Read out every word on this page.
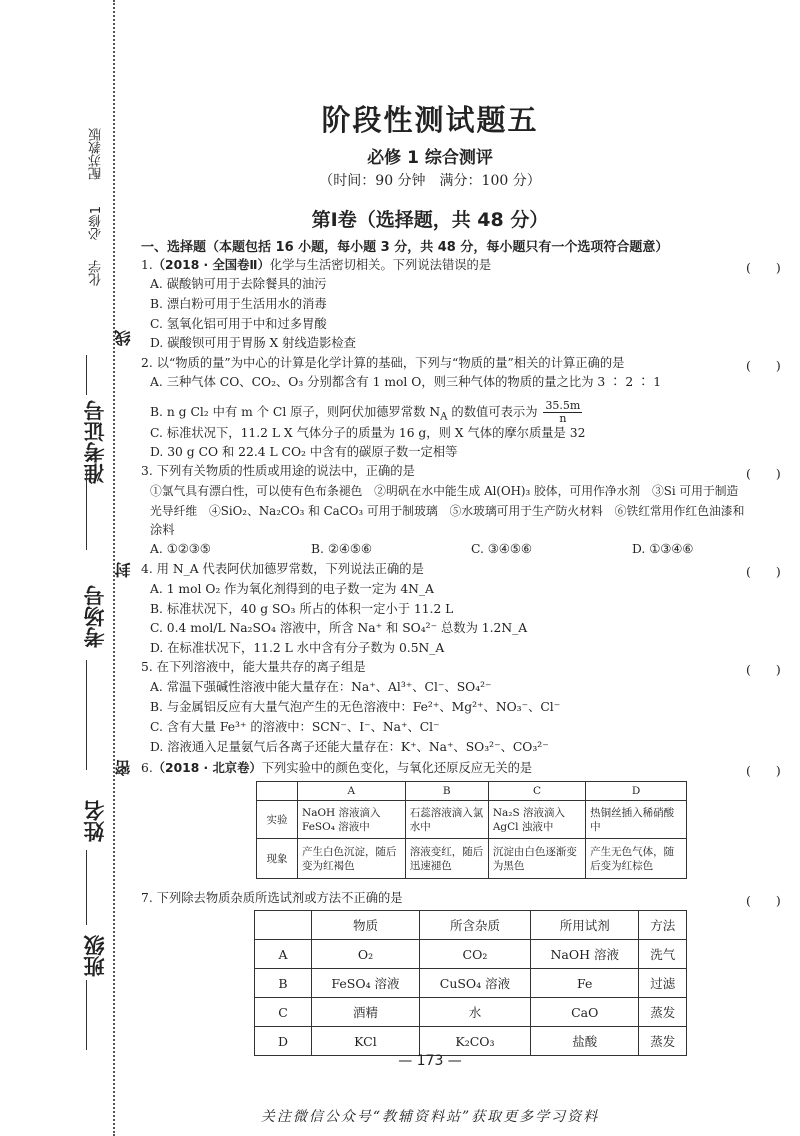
配苏教版
必修1
化学
线
封
密
准考证号
考场号
姓名
班级
阶段性测试题五
必修 1 综合测评
（时间：90 分钟　满分：100 分）
第Ⅰ卷（选择题，共 48 分）
一、选择题（本题包括 16 小题，每小题 3 分，共 48 分，每小题只有一个选项符合题意）
1.（2018 · 全国卷Ⅱ）化学与生活密切相关。下列说法错误的是	(　　)
A. 碳酸钠可用于去除餐具的油污
B. 漂白粉可用于生活用水的消毒
C. 氢氧化铝可用于中和过多胃酸
D. 碳酸钡可用于胃肠 X 射线造影检查
2. 以“物质的量”为中心的计算是化学计算的基础，下列与“物质的量”相关的计算正确的是	(　　)
A. 三种气体 CO、CO₂、O₃ 分别都含有 1 mol O，则三种气体的物质的量之比为 3 ∶ 2 ∶ 1
B. n g Cl₂ 中有 m 个 Cl 原子，则阿伏加德罗常数 $N_A$ 的数值可表示为 $\frac{35.5m}{n}$
C. 标准状况下，11.2 L X 气体分子的质量为 16 g，则 X 气体的摩尔质量是 32
D. 30 g CO 和 22.4 L CO₂ 中含有的碳原子数一定相等
3. 下列有关物质的性质或用途的说法中，正确的是	(　　)
①氯气具有漂白性，可以使有色布条褪色　②明矾在水中能生成 Al(OH)₃ 胶体，可用作净水剂　③Si 可用于制造
光导纤维　④SiO₂、Na₂CO₃ 和 CaCO₃ 可用于制玻璃　⑤水玻璃可用于生产防火材料　⑥铁红常用作红色油漆和
涂料
A. ①②③⑤	B. ②④⑤⑥	C. ③④⑤⑥	D. ①③④⑥
4. 用 N_A 代表阿伏加德罗常数，下列说法正确的是	(　　)
A. 1 mol O₂ 作为氧化剂得到的电子数一定为 4N_A
B. 标准状况下，40 g SO₃ 所占的体积一定小于 11.2 L
C. 0.4 mol/L Na₂SO₄ 溶液中，所含 Na⁺ 和 SO₄²⁻ 总数为 1.2N_A
D. 在标准状况下，11.2 L 水中含有分子数为 0.5N_A
5. 在下列溶液中，能大量共存的离子组是	(　　)
A. 常温下强碱性溶液中能大量存在：Na⁺、Al³⁺、Cl⁻、SO₄²⁻
B. 与金属铝反应有大量气泡产生的无色溶液中：Fe²⁺、Mg²⁺、NO₃⁻、Cl⁻
C. 含有大量 Fe³⁺ 的溶液中：SCN⁻、I⁻、Na⁺、Cl⁻
D. 溶液通入足量氨气后各离子还能大量存在：K⁺、Na⁺、SO₃²⁻、CO₃²⁻
6.（2018 · 北京卷）下列实验中的颜色变化，与氧化还原反应无关的是	(　　)
	A	B	C	D
实验	NaOH 溶液滴入 FeSO₄ 溶液中	石蕊溶液滴入氯水中	Na₂S 溶液滴入 AgCl 浊液中	热铜丝插入稀硝酸中
现象	产生白色沉淀，随后变为红褐色	溶液变红，随后迅速褪色	沉淀由白色逐渐变为黑色	产生无色气体，随后变为红棕色
7. 下列除去物质杂质所选试剂或方法不正确的是	(　　)
	物质	所含杂质	所用试剂	方法
A	O₂	CO₂	NaOH 溶液	洗气
B	FeSO₄ 溶液	CuSO₄ 溶液	Fe	过滤
C	酒精	水	CaO	蒸发
D	KCl	K₂CO₃	盐酸	蒸发
— 173 —
关注微信公众号“教辅资料站”获取更多学习资料
